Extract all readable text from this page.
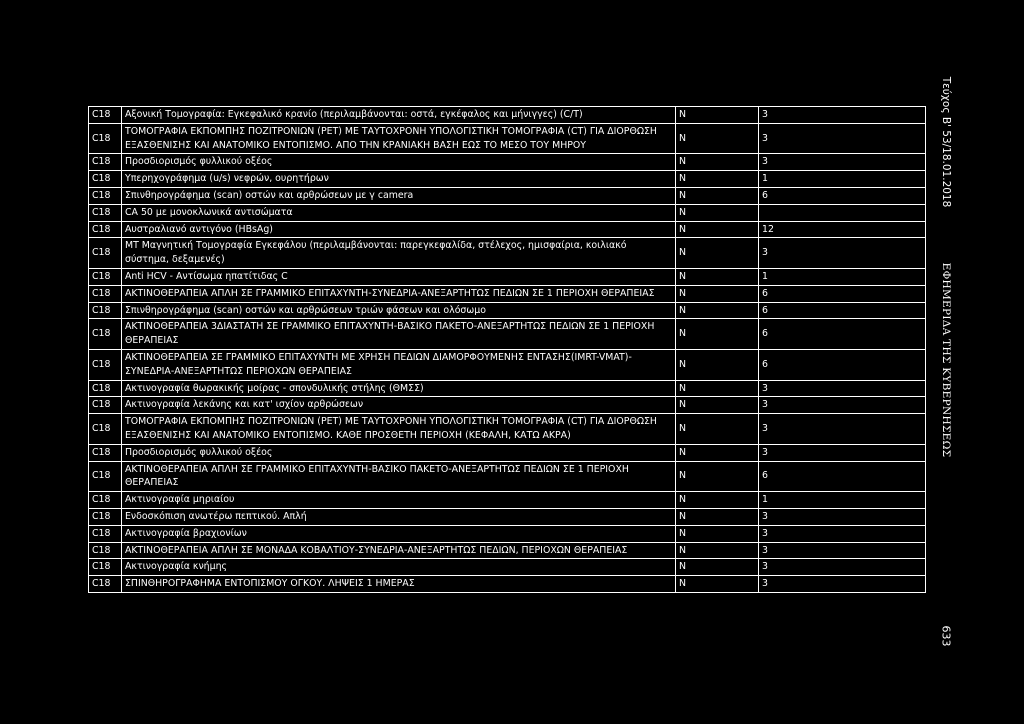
C18	Αξονική Τομογραφία: Εγκεφαλικό κρανίο (περιλαμβάνονται: οστά, εγκέφαλος και μήνιγγες) (C/T)	N	3
C18	ΤΟΜΟΓΡΑΦΙΑ ΕΚΠΟΜΠΗΣ ΠΟΖΙΤΡΟΝΙΩΝ (PET) ΜΕ ΤΑΥΤΟΧΡΟΝΗ ΥΠΟΛΟΓΙΣΤΙΚΗ ΤΟΜΟΓΡΑΦΙΑ (CT) ΓΙΑ ΔΙΟΡΘΩΣΗ ΕΞΑΣΘΕΝΙΣΗΣ ΚΑΙ ΑΝΑΤΟΜΙΚΟ ΕΝΤΟΠΙΣΜΟ. ΑΠΟ ΤΗΝ ΚΡΑΝΙΑΚΗ ΒΑΣΗ ΕΩΣ ΤΟ ΜΕΣΟ ΤΟΥ ΜΗΡΟΥ	N	3
C18	Προσδιορισμός φυλλικού οξέος	N	3
C18	Υπερηχογράφημα (u/s) νεφρών, ουρητήρων	N	1
C18	Σπινθηρογράφημα (scan) οστών και αρθρώσεων με γ camera	N	6
C18	CA 50 με μονοκλωνικά αντισώματα	N	
C18	Αυστραλιανό αντιγόνο (HBsAg)	N	12
C18	MT Μαγνητική Τομογραφία Εγκεφάλου (περιλαμβάνονται: παρεγκεφαλίδα, στέλεχος, ημισφαίρια, κοιλιακό σύστημα, δεξαμενές)	N	3
C18	Anti HCV - Αντίσωμα ηπατίτιδας C	N	1
C18	ΑΚΤΙΝΟΘΕΡΑΠΕΙΑ ΑΠΛΗ ΣΕ ΓΡΑΜΜΙΚΟ ΕΠΙΤΑΧΥΝΤΗ-ΣΥΝΕΔΡΙΑ-ΑΝΕΞΑΡΤΗΤΩΣ ΠΕΔΙΩΝ ΣΕ 1 ΠΕΡΙΟΧΗ ΘΕΡΑΠΕΙΑΣ	N	6
C18	Σπινθηρογράφημα (scan) οστών και αρθρώσεων τριών φάσεων και ολόσωμο	N	6
C18	ΑΚΤΙΝΟΘΕΡΑΠΕΙΑ 3ΔΙΑΣΤΑΤΗ ΣΕ ΓΡΑΜΜΙΚΟ ΕΠΙΤΑΧΥΝΤΗ-ΒΑΣΙΚΟ ΠΑΚΕΤΟ-ΑΝΕΞΑΡΤΗΤΩΣ ΠΕΔΙΩΝ ΣΕ 1 ΠΕΡΙΟΧΗ ΘΕΡΑΠΕΙΑΣ	N	6
C18	ΑΚΤΙΝΟΘΕΡΑΠΕΙΑ ΣΕ ΓΡΑΜΜΙΚΟ ΕΠΙΤΑΧΥΝΤΗ ΜΕ ΧΡΗΣΗ ΠΕΔΙΩΝ ΔΙΑΜΟΡΦΟΥΜΕΝΗΣ ΕΝΤΑΣΗΣ(IMRT-VMAT)-ΣΥΝΕΔΡΙΑ-ΑΝΕΞΑΡΤΗΤΩΣ ΠΕΡΙΟΧΩΝ ΘΕΡΑΠΕΙΑΣ	N	6
C18	Ακτινογραφία θωρακικής μοίρας - σπονδυλικής στήλης (ΘΜΣΣ)	N	3
C18	Ακτινογραφία λεκάνης και κατ' ισχίον αρθρώσεων	N	3
C18	ΤΟΜΟΓΡΑΦΙΑ ΕΚΠΟΜΠΗΣ ΠΟΖΙΤΡΟΝΙΩΝ (PET) ΜΕ ΤΑΥΤΟΧΡΟΝΗ ΥΠΟΛΟΓΙΣΤΙΚΗ ΤΟΜΟΓΡΑΦΙΑ (CT) ΓΙΑ ΔΙΟΡΘΩΣΗ ΕΞΑΣΘΕΝΙΣΗΣ ΚΑΙ ΑΝΑΤΟΜΙΚΟ ΕΝΤΟΠΙΣΜΟ. ΚΑΘΕ ΠΡΟΣΘΕΤΗ ΠΕΡΙΟΧΗ (ΚΕΦΑΛΗ, ΚΑΤΩ ΑΚΡΑ)	N	3
C18	Προσδιορισμός φυλλικού οξέος	N	3
C18	ΑΚΤΙΝΟΘΕΡΑΠΕΙΑ ΑΠΛΗ ΣΕ ΓΡΑΜΜΙΚΟ ΕΠΙΤΑΧΥΝΤΗ-ΒΑΣΙΚΟ ΠΑΚΕΤΟ-ΑΝΕΞΑΡΤΗΤΩΣ ΠΕΔΙΩΝ ΣΕ 1 ΠΕΡΙΟΧΗ ΘΕΡΑΠΕΙΑΣ	N	6
C18	Ακτινογραφία μηριαίου	N	1
C18	Ενδοσκόπιση ανωτέρω πεπτικού. Απλή	N	3
C18	Ακτινογραφία βραχιονίων	N	3
C18	ΑΚΤΙΝΟΘΕΡΑΠΕΙΑ ΑΠΛΗ ΣΕ ΜΟΝΑΔΑ ΚΟΒΑΛΤΙΟΥ-ΣΥΝΕΔΡΙΑ-ΑΝΕΞΑΡΤΗΤΩΣ ΠΕΔΙΩΝ, ΠΕΡΙΟΧΩΝ ΘΕΡΑΠΕΙΑΣ	N	3
C18	Ακτινογραφία κνήμης	N	3
C18	ΣΠΙΝΘΗΡΟΓΡΑΦΗΜΑ ΕΝΤΟΠΙΣΜΟΥ ΟΓΚΟΥ. ΛΗΨΕΙΣ 1 ΗΜΕΡΑΣ	N	3
Τεύχος Β' 53/18.01.2018
ΕΦΗΜΕΡΙΔΑ ΤΗΣ ΚΥΒΕΡΝΗΣΕΩΣ
633
